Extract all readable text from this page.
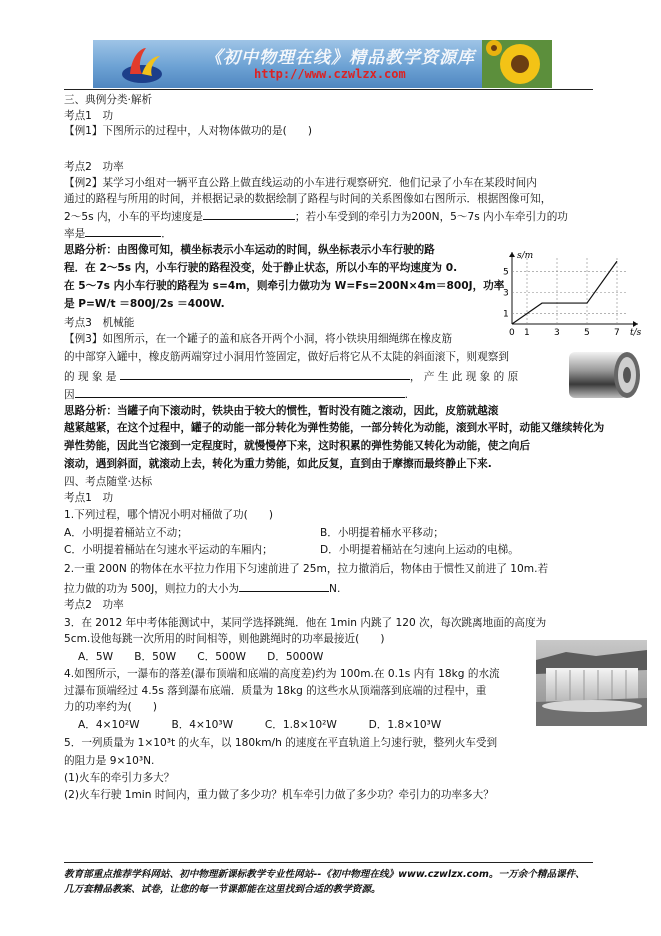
《初中物理在线》精品教学资源库
http://www.czwlzx.com
三、典例分类·解析
考点1　功
【例1】下图所示的过程中，人对物体做功的是(　　)
考点2　功率
【例2】某学习小组对一辆平直公路上做直线运动的小车进行观察研究．他们记录了小车在某段时间内
通过的路程与所用的时间，并根据记录的数据绘制了路程与时间的关系图像如右图所示．根据图像可知，
2～5s 内，小车的平均速度是	；若小车受到的牵引力为200N，5～7s 内小车牵引力的功
率是	．
思路分析：由图像可知，横坐标表示小车运动的时间，纵坐标表示小车行驶的路
程．在 2～5s 内，小车行驶的路程没变，处于静止状态，所以小车的平均速度为 0.
在 5～7s 内小车行驶的路程为 s=4m，则牵引力做功为 W=Fs=200N×4m＝800J，功率
是 P=W/t ＝800J/2s ＝400W.
t/s
s/m
0 1	3	5	7
1
3
5
考点3　机械能
【例3】如图所示，在一个罐子的盖和底各开两个小洞，将小铁块用细绳绑在橡皮筋
的中部穿入罐中，橡皮筋两端穿过小洞用竹签固定，做好后将它从不太陡的斜面滚下，则观察到
的 现 象 是	， 产 生 此 现 象 的 原
因	.
思路分析：当罐子向下滚动时，铁块由于较大的惯性，暂时没有随之滚动，因此，皮筋就越滚
越紧越紧，在这个过程中，罐子的动能一部分转化为弹性势能，一部分转化为动能，滚到水平时，动能又继续转化为
弹性势能，因此当它滚到一定程度时，就慢慢停下来，这时积累的弹性势能又转化为动能，使之向后
滚动，遇到斜面，就滚动上去，转化为重力势能，如此反复，直到由于摩擦而最终静止下来.
四、考点随堂·达标
考点1　功
1.下列过程，哪个情况小明对桶做了功(　　)
A．小明提着桶站立不动；	B．小明提着桶水平移动；
C．小明提着桶站在匀速水平运动的车厢内；	D．小明提着桶站在匀速向上运动的电梯。
2.一重 200N 的物体在水平拉力作用下匀速前进了 25m，拉力撤消后，物体由于惯性又前进了 10m.若
拉力做的功为 500J，则拉力的大小为	N.
考点2　功率
3．在 2012 年中考体能测试中，某同学选择跳绳．他在 1min 内跳了 120 次，每次跳离地面的高度为
5cm.设他每跳一次所用的时间相等，则他跳绳时的功率最接近(　　)
A．5W　　B．50W　　C．500W　　D．5000W
4.如图所示，一瀑布的落差(瀑布顶端和底端的高度差)约为 100m.在 0.1s 内有 18kg 的水流
过瀑布顶端经过 4.5s 落到瀑布底端．质量为 18kg 的这些水从顶端落到底端的过程中，重
力的功率约为(　　)
A．4×10²W　　　B．4×10³W　　　C．1.8×10²W　　　D．1.8×10³W
5．一列质量为 1×10³t 的火车，以 180km/h 的速度在平直轨道上匀速行驶，整列火车受到
的阻力是 9×10³N.
(1)火车的牵引力多大？
(2)火车行驶 1min 时间内，重力做了多少功？机车牵引力做了多少功？牵引力的功率多大？
教育部重点推荐学科网站、初中物理新课标教学专业性网站--《初中物理在线》www.czwlzx.com。一万余个精品课件、
几万套精品教案、试卷，让您的每一节课都能在这里找到合适的教学资源。
